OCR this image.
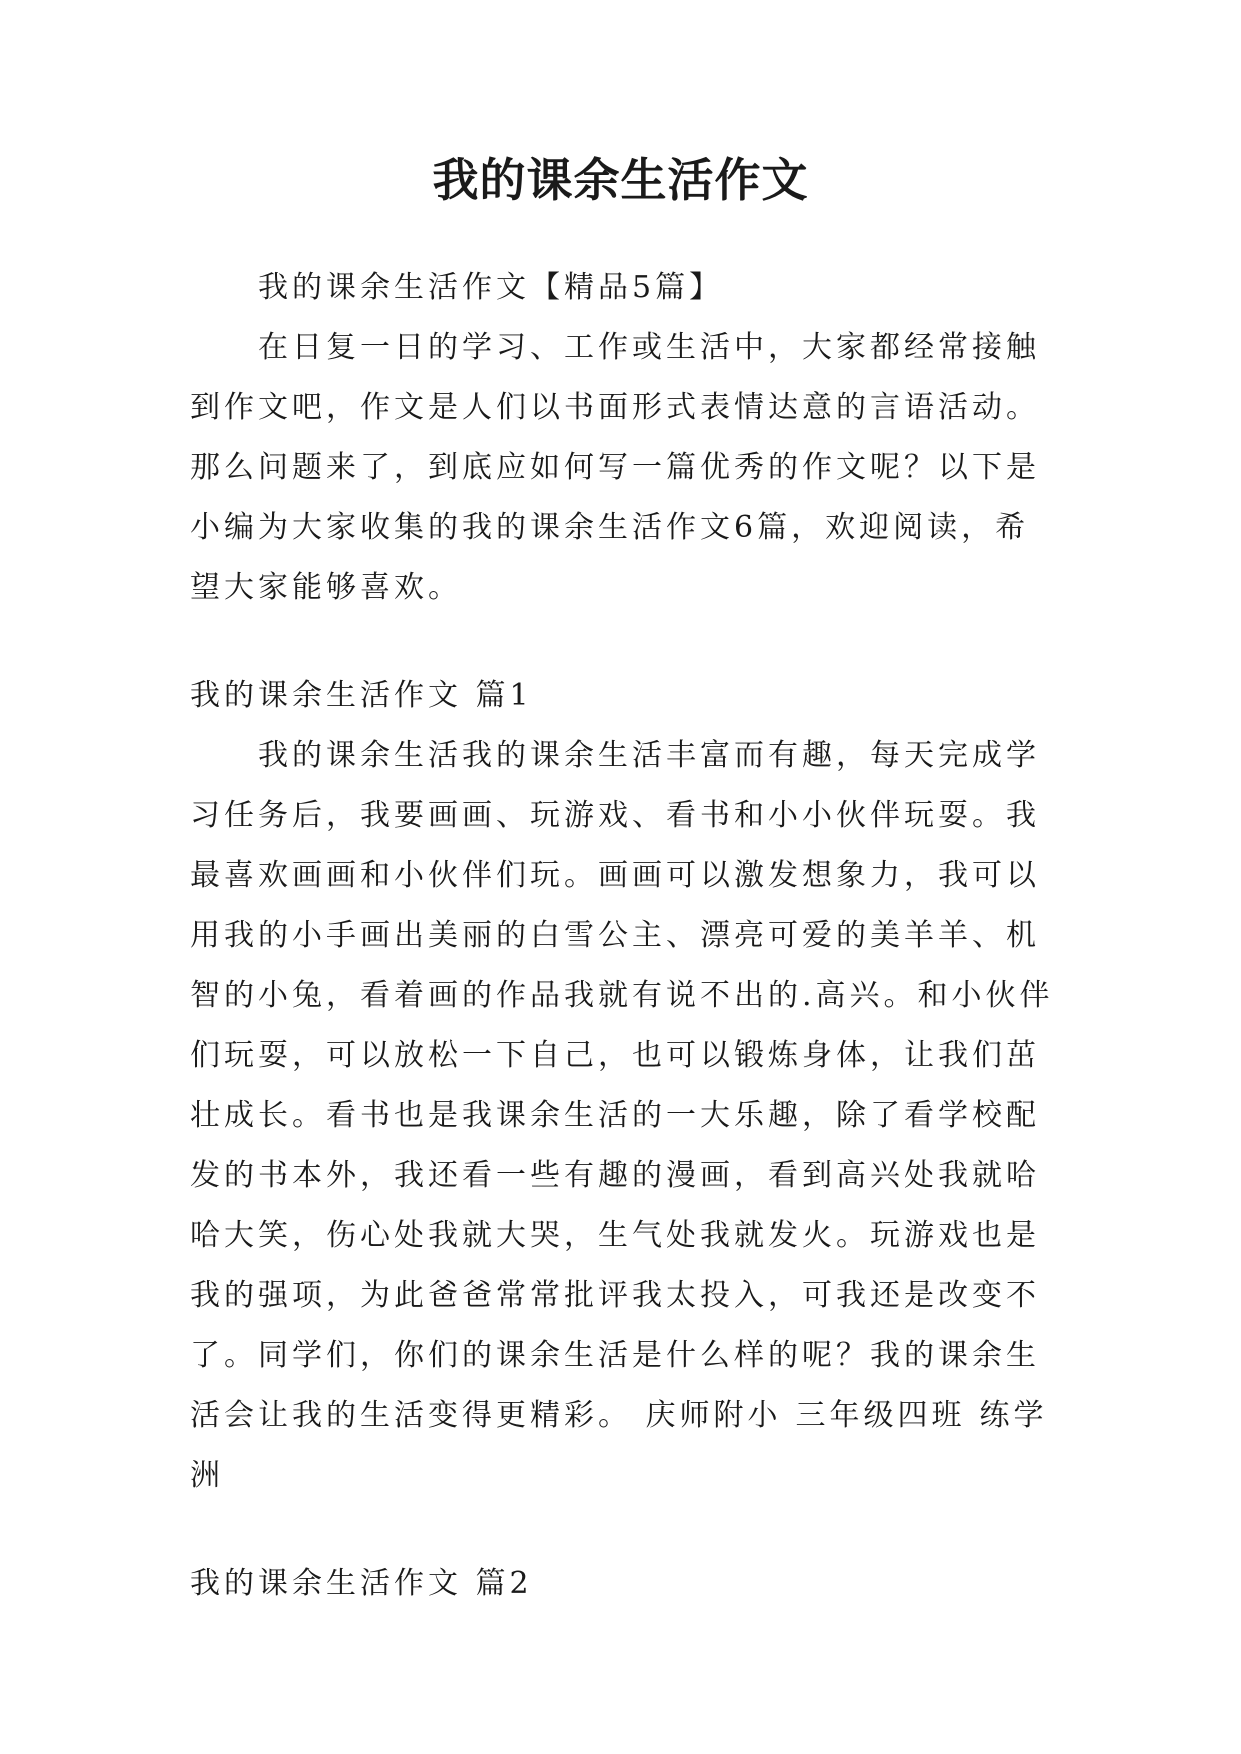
我的课余生活作文

我的课余生活作文【精品5篇】

在日复一日的学习、工作或生活中，大家都经常接触到作文吧，作文是人们以书面形式表情达意的言语活动。那么问题来了，到底应如何写一篇优秀的作文呢？以下是小编为大家收集的我的课余生活作文6篇，欢迎阅读，希望大家能够喜欢。

我的课余生活作文 篇1

我的课余生活我的课余生活丰富而有趣，每天完成学习任务后，我要画画、玩游戏、看书和小小伙伴玩耍。我最喜欢画画和小伙伴们玩。画画可以激发想象力，我可以用我的小手画出美丽的白雪公主、漂亮可爱的美羊羊、机智的小兔，看着画的作品我就有说不出的.高兴。和小伙伴们玩耍，可以放松一下自己，也可以锻炼身体，让我们茁壮成长。看书也是我课余生活的一大乐趣，除了看学校配发的书本外，我还看一些有趣的漫画，看到高兴处我就哈哈大笑，伤心处我就大哭，生气处我就发火。玩游戏也是我的强项，为此爸爸常常批评我太投入，可我还是改变不了。同学们，你们的课余生活是什么样的呢？我的课余生活会让我的生活变得更精彩。 庆师附小 三年级四班 练学洲

我的课余生活作文 篇2
